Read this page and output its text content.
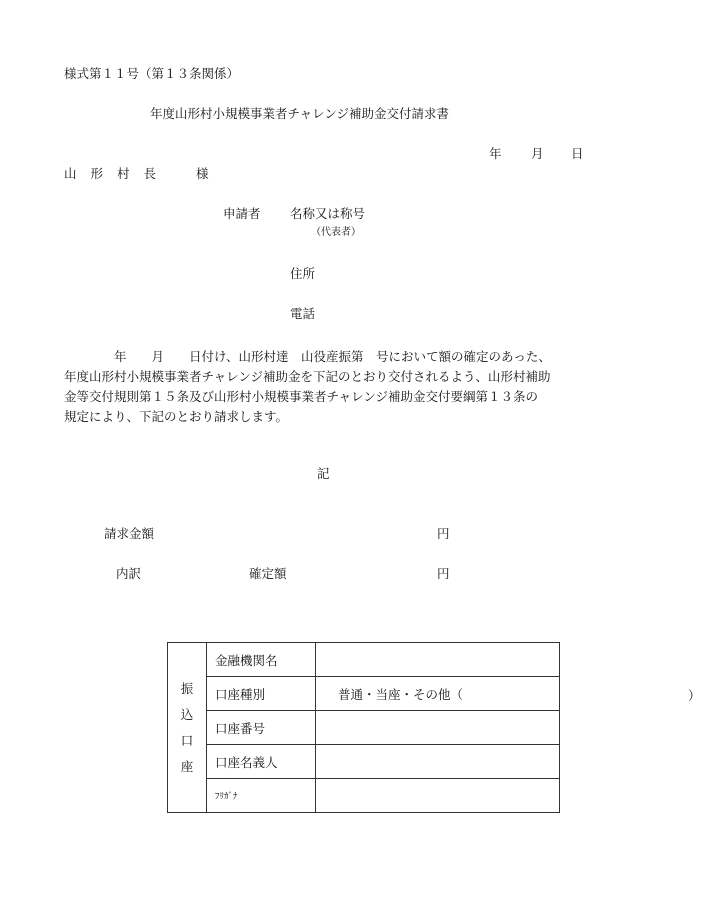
様式第１１号（第１３条関係）
年度山形村小規模事業者チャレンジ補助金交付請求書
年 月 日
山 形 村 長	様
申請者 名称又は称号
（代表者）
住所
電話
　　　　年　　月　　日付け、山形村達　山役産振第　号において額の確定のあった、
年度山形村小規模事業者チャレンジ補助金を下記のとおり交付されるよう、山形村補助
金等交付規則第１５条及び山形村小規模事業者チャレンジ補助金交付要綱第１３条の
規定により、下記のとおり請求します。
記
請求金額	円
内訳	確定額	円
振
込
口
座	金融機関名	
	口座種別	普通・当座・その他（ ）

	口座番号	
	口座名義人	
	ﾌﾘｶﾞﾅ	
